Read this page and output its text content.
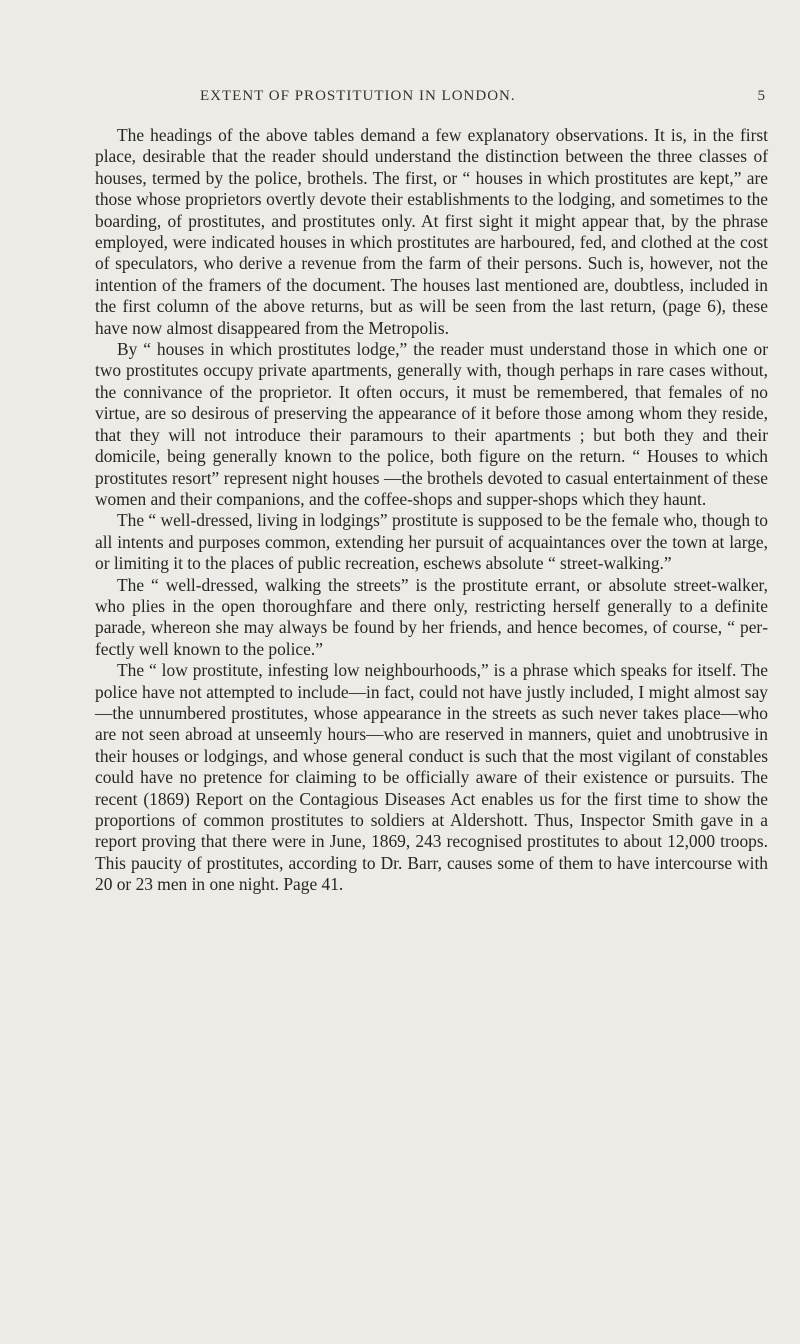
EXTENT OF PROSTITUTION IN LONDON.	5

The headings of the above tables demand a few explanatory observations. It is, in the first place, desirable that the reader should understand the distinction between the three classes of houses, termed by the police, brothels. The first, or “ houses in which prostitutes are kept,” are those whose proprietors overtly devote their establishments to the lodging, and sometimes to the boarding, of prostitutes, and prostitutes only. At first sight it might appear that, by the phrase employed, were indicated houses in which prostitutes are harboured, fed, and clothed at the cost of speculators, who derive a revenue from the farm of their persons. Such is, however, not the intention of the framers of the document. The houses last mentioned are, doubtless, included in the first column of the above returns, but as will be seen from the last return, (page 6), these have now almost disappeared from the Metropolis.

By “ houses in which prostitutes lodge,” the reader must understand those in which one or two prostitutes occupy private apartments, generally with, though perhaps in rare cases without, the connivance of the proprietor. It often occurs, it must be remembered, that females of no virtue, are so desirous of preserving the appearance of it before those among whom they reside, that they will not introduce their paramours to their apartments ; but both they and their domicile, being generally known to the police, both figure on the return. “ Houses to which prostitutes resort” represent night houses —the brothels devoted to casual entertainment of these women and their companions, and the coffee-shops and supper-shops which they haunt.

The “ well-dressed, living in lodgings” prostitute is supposed to be the female who, though to all intents and purposes common, extending her pursuit of acquaintances over the town at large, or limiting it to the places of public recreation, eschews absolute “ street-walking.”

The “ well-dressed, walking the streets” is the prostitute errant, or absolute street-walker, who plies in the open thoroughfare and there only, restricting herself generally to a definite parade, whereon she may always be found by her friends, and hence becomes, of course, “ perfectly well known to the police.”

The “ low prostitute, infesting low neighbourhoods,” is a phrase which speaks for itself. The police have not attempted to include—in fact, could not have justly included, I might almost say—the unnumbered prostitutes, whose appearance in the streets as such never takes place—who are not seen abroad at unseemly hours—who are reserved in manners, quiet and unobtrusive in their houses or lodgings, and whose general conduct is such that the most vigilant of constables could have no pretence for claiming to be officially aware of their existence or pursuits. The recent (1869) Report on the Contagious Diseases Act enables us for the first time to show the proportions of common prostitutes to soldiers at Aldershott. Thus, Inspector Smith gave in a report proving that there were in June, 1869, 243 recognised prostitutes to about 12,000 troops. This paucity of prostitutes, according to Dr. Barr, causes some of them to have intercourse with 20 or 23 men in one night. Page 41.
